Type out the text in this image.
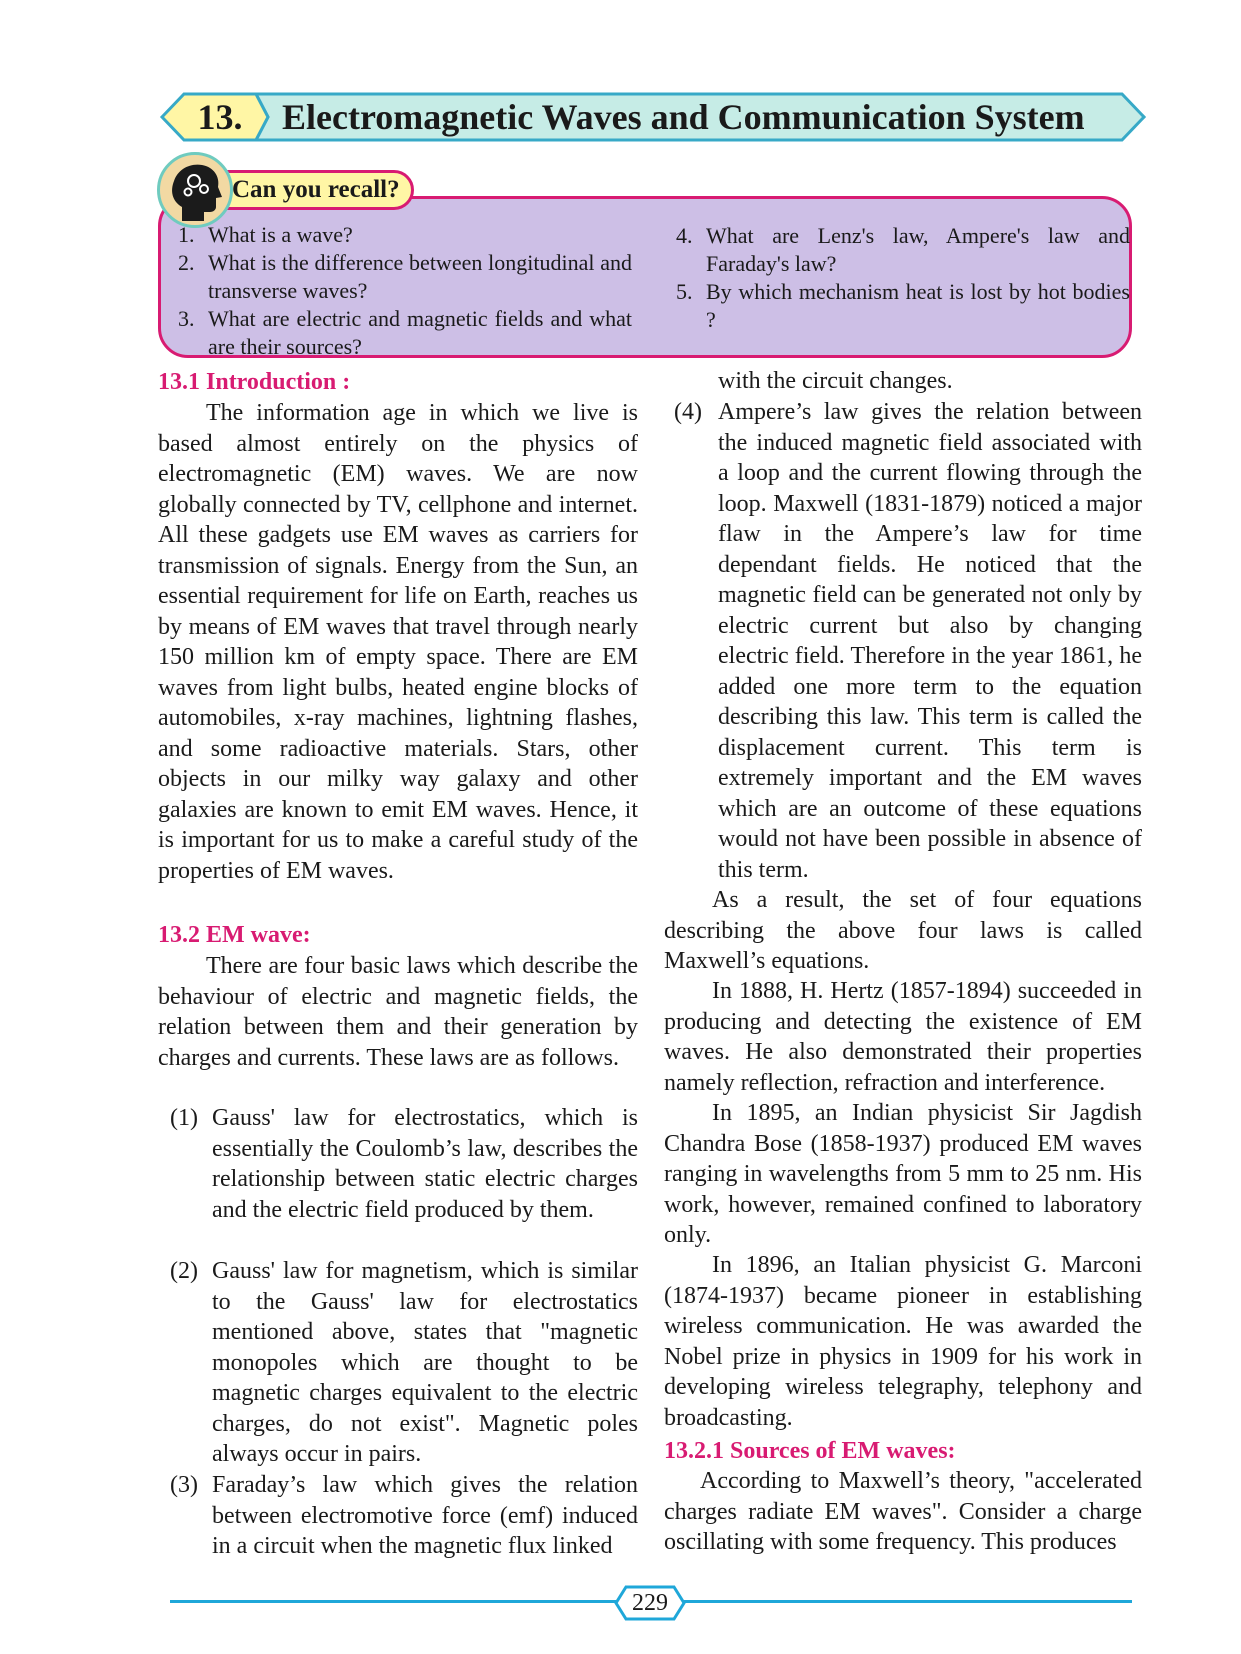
13. Electromagnetic Waves and Communication System
Can you recall?
1. What is a wave?
2. What is the difference between longitudinal and transverse waves?
3. What are electric and magnetic fields and what are their sources?
4. What are Lenz's law, Ampere's law and Faraday's law?
5. By which mechanism heat is lost by hot bodies ?
13.1 Introduction :
The information age in which we live is based almost entirely on the physics of electromagnetic (EM) waves. We are now globally connected by TV, cellphone and internet. All these gadgets use EM waves as carriers for transmission of signals. Energy from the Sun, an essential requirement for life on Earth, reaches us by means of EM waves that travel through nearly 150 million km of empty space. There are EM waves from light bulbs, heated engine blocks of automobiles, x-ray machines, lightning flashes, and some radioactive materials. Stars, other objects in our milky way galaxy and other galaxies are known to emit EM waves. Hence, it is important for us to make a careful study of the properties of EM waves.
13.2 EM wave:
There are four basic laws which describe the behaviour of electric and magnetic fields, the relation between them and their generation by charges and currents. These laws are as follows.
(1) Gauss' law for electrostatics, which is essentially the Coulomb’s law, describes the relationship between static electric charges and the electric field produced by them.
(2) Gauss' law for magnetism, which is similar to the Gauss' law for electrostatics mentioned above, states that "magnetic monopoles which are thought to be magnetic charges equivalent to the electric charges, do not exist". Magnetic poles always occur in pairs.
(3) Faraday’s law which gives the relation between electromotive force (emf) induced in a circuit when the magnetic flux linked
with the circuit changes.
(4) Ampere’s law gives the relation between the induced magnetic field associated with a loop and the current flowing through the loop. Maxwell (1831-1879) noticed a major flaw in the Ampere’s law for time dependant fields. He noticed that the magnetic field can be generated not only by electric current but also by changing electric field. Therefore in the year 1861, he added one more term to the equation describing this law. This term is called the displacement current. This term is extremely important and the EM waves which are an outcome of these equations would not have been possible in absence of this term.
As a result, the set of four equations describing the above four laws is called Maxwell’s equations.
In 1888, H. Hertz (1857-1894) succeeded in producing and detecting the existence of EM waves. He also demonstrated their properties namely reflection, refraction and interference.
In 1895, an Indian physicist Sir Jagdish Chandra Bose (1858-1937) produced EM waves ranging in wavelengths from 5 mm to 25 nm. His work, however, remained confined to laboratory only.
In 1896, an Italian physicist G. Marconi (1874-1937) became pioneer in establishing wireless communication. He was awarded the Nobel prize in physics in 1909 for his work in developing wireless telegraphy, telephony and broadcasting.
13.2.1 Sources of EM waves:
According to Maxwell’s theory, "accelerated charges radiate EM waves". Consider a charge oscillating with some frequency. This produces
229
